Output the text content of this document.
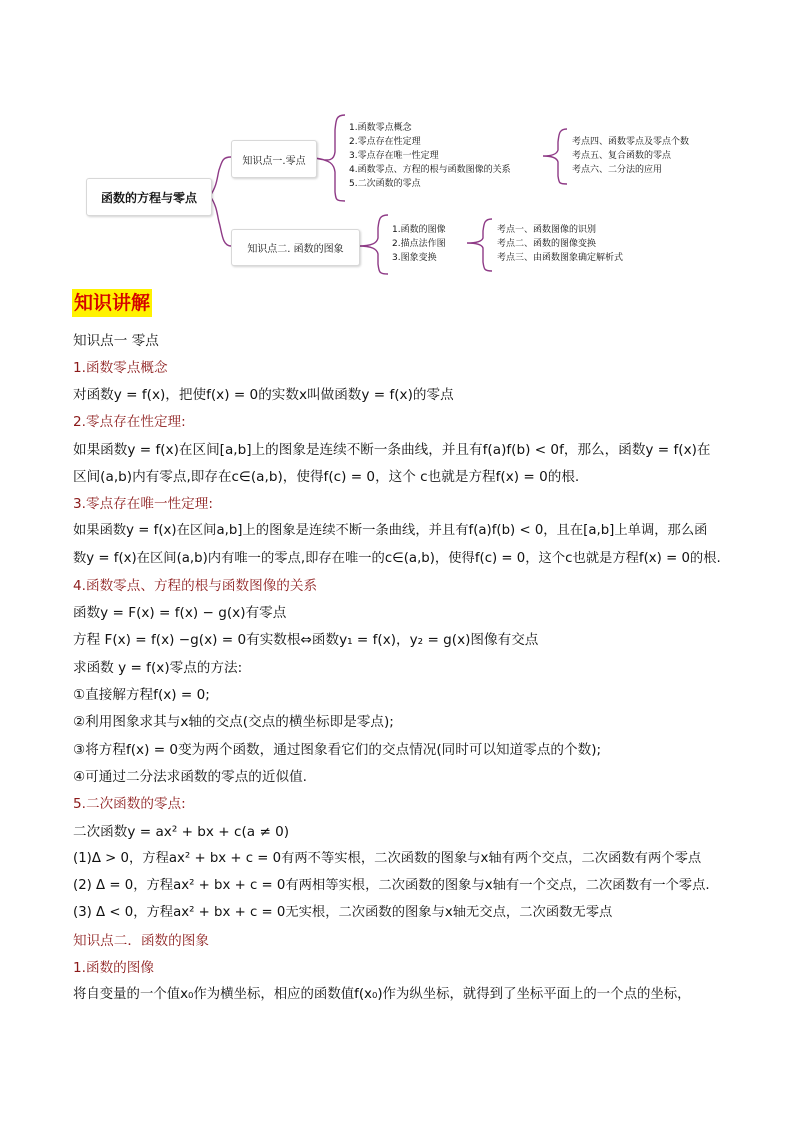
函数的方程与零点
知识点一.零点
知识点二. 函数的图象
1.函数零点概念
2.零点存在性定理
3.零点存在唯一性定理
4.函数零点、方程的根与函数图像的关系
5.二次函数的零点
考点四、函数零点及零点个数
考点五、复合函数的零点
考点六、二分法的应用
1.函数的图像
2.描点法作图
3.图象变换
考点一、函数图像的识别
考点二、函数的图像变换
考点三、由函数图象确定解析式
知识讲解
知识点一 零点
1.函数零点概念
对函数y = f(x)，把使f(x) = 0的实数x叫做函数y = f(x)的零点
2.零点存在性定理:
如果函数y = f(x)在区间[a,b]上的图象是连续不断一条曲线，并且有f(a)f(b) < 0f，那么，函数y = f(x)在
区间(a,b)内有零点,即存在c∈(a,b)，使得f(c) = 0，这个 c也就是方程f(x) = 0的根.
3.零点存在唯一性定理:
如果函数y = f(x)在区间a,b]上的图象是连续不断一条曲线，并且有f(a)f(b) < 0，且在[a,b]上单调，那么函
数y = f(x)在区间(a,b)内有唯一的零点,即存在唯一的c∈(a,b)，使得f(c) = 0，这个c也就是方程f(x) = 0的根.
4.函数零点、方程的根与函数图像的关系
函数y = F(x) = f(x) − g(x)有零点
方程 F(x) = f(x) −g(x) = 0有实数根⇔函数y₁ = f(x)，y₂ = g(x)图像有交点
求函数 y = f(x)零点的方法:
①直接解方程f(x) = 0;
②利用图象求其与x轴的交点(交点的横坐标即是零点);
③将方程f(x) = 0变为两个函数，通过图象看它们的交点情况(同时可以知道零点的个数);
④可通过二分法求函数的零点的近似值.
5.二次函数的零点:
二次函数y = ax² + bx + c(a ≠ 0)
(1)Δ > 0，方程ax² + bx + c = 0有两不等实根，二次函数的图象与x轴有两个交点，二次函数有两个零点
(2) Δ = 0，方程ax² + bx + c = 0有两相等实根，二次函数的图象与x轴有一个交点，二次函数有一个零点.
(3) Δ < 0，方程ax² + bx + c = 0无实根，二次函数的图象与x轴无交点，二次函数无零点
知识点二．函数的图象
1.函数的图像
将自变量的一个值x₀作为横坐标，相应的函数值f(x₀)作为纵坐标，就得到了坐标平面上的一个点的坐标，
